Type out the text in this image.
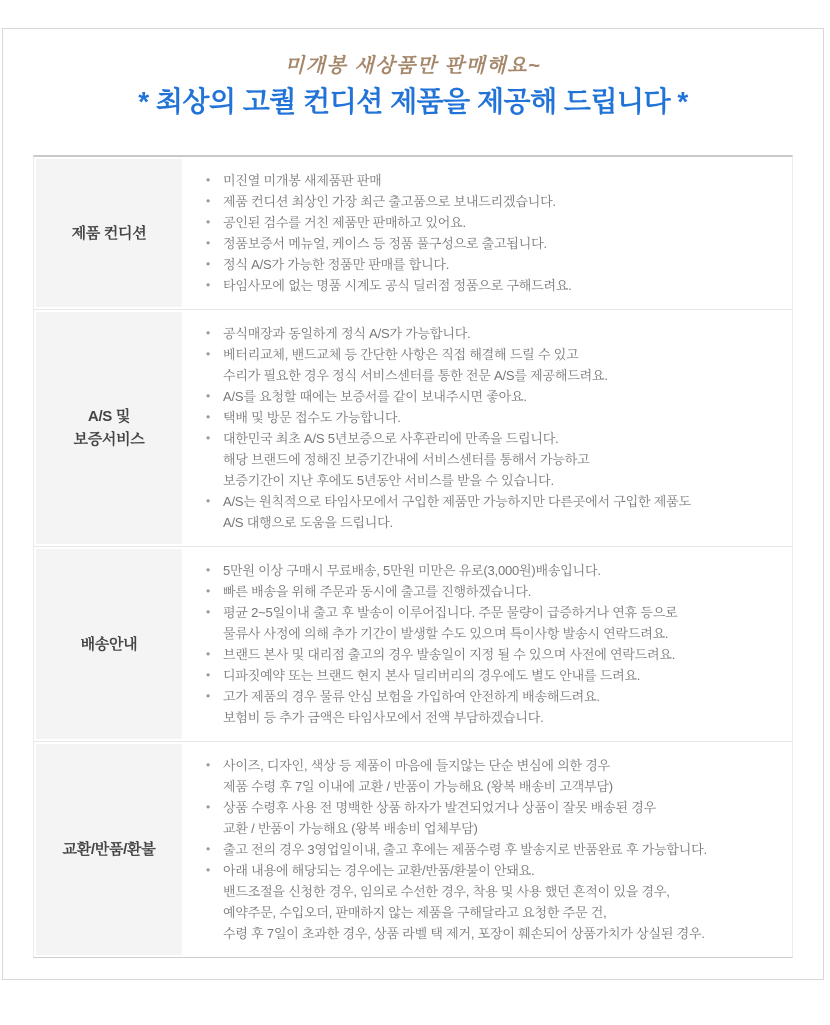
미개봉 새상품만 판매해요~
* 최상의 고퀄 컨디션 제품을 제공해 드립니다 *
제품 컨디션
• 미진열 미개봉 새제품판 판매
• 제품 컨디션 최상인 가장 최근 출고품으로 보내드리겠습니다.
• 공인된 검수를 거친 제품만 판매하고 있어요.
• 정품보증서 메뉴얼, 케이스 등 정품 풀구성으로 출고됩니다.
• 정식 A/S가 가능한 정품만 판매를 합니다.
• 타임사모에 없는 명품 시계도 공식 딜러점 정품으로 구해드려요.
A/S 및
보증서비스
• 공식매장과 동일하게 정식 A/S가 가능합니다.
• 베터리교체, 밴드교체 등 간단한 사항은 직접 해결해 드릴 수 있고
수리가 필요한 경우 정식 서비스센터를 통한 전문 A/S를 제공해드려요.
• A/S를 요청할 때에는 보증서를 같이 보내주시면 좋아요.
• 택배 및 방문 접수도 가능합니다.
• 대한민국 최초 A/S 5년보증으로 사후관리에 만족을 드립니다.
해당 브랜드에 정해진 보증기간내에 서비스센터를 통해서 가능하고
보증기간이 지난 후에도 5년동안 서비스를 받을 수 있습니다.
• A/S는 원칙적으로 타임사모에서 구입한 제품만 가능하지만 다른곳에서 구입한 제품도
A/S 대행으로 도움을 드립니다.
배송안내
• 5만원 이상 구매시 무료배송, 5만원 미만은 유로(3,000원)배송입니다.
• 빠른 배송을 위해 주문과 동시에 출고를 진행하겠습니다.
• 평균 2~5일이내 출고 후 발송이 이루어집니다. 주문 물량이 급증하거나 연휴 등으로
물류사 사정에 의해 추가 기간이 발생할 수도 있으며 특이사항 발송시 연락드려요.
• 브랜드 본사 및 대리점 출고의 경우 발송일이 지정 될 수 있으며 사전에 연락드려요.
• 디파짓예약 또는 브랜드 현지 본사 딜리버리의 경우에도 별도 안내를 드려요.
• 고가 제품의 경우 물류 안심 보험을 가입하여 안전하게 배송해드려요.
보험비 등 추가 금액은 타임사모에서 전액 부담하겠습니다.
교환/반품/환불
• 사이즈, 디자인, 색상 등 제품이 마음에 들지않는 단순 변심에 의한 경우
제품 수령 후 7일 이내에 교환 / 반품이 가능해요 (왕복 배송비 고객부담)
• 상품 수령후 사용 전 명백한 상품 하자가 발견되었거나 상품이 잘못 배송된 경우
교환 / 반품이 가능해요 (왕복 배송비 업체부담)
• 출고 전의 경우 3영업일이내, 출고 후에는 제품수령 후 발송지로 반품완료 후 가능합니다.
• 아래 내용에 해당되는 경우에는 교환/반품/환불이 안돼요.
밴드조절을 신청한 경우, 임의로 수선한 경우, 착용 및 사용 했던 흔적이 있을 경우,
예약주문, 수입오더, 판매하지 않는 제품을 구해달라고 요청한 주문 건,
수령 후 7일이 초과한 경우, 상품 라벨 택 제거, 포장이 훼손되어 상품가치가 상실된 경우.
